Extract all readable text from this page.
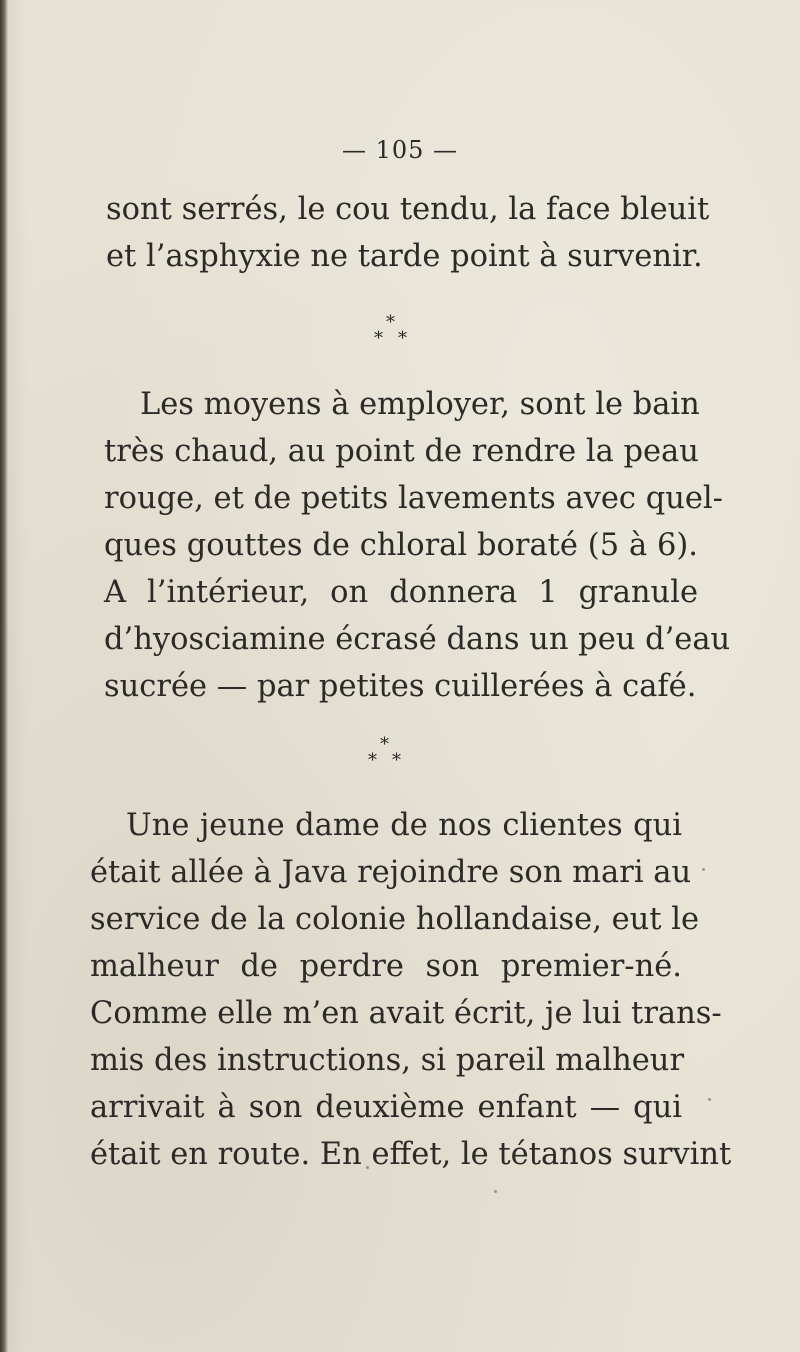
— 105 —
sont serrés, le cou tendu, la face bleuit
et l’asphyxie ne tarde point à survenir.
*
* *
Les moyens à employer, sont le bain
très chaud, au point de rendre la peau
rouge, et de petits lavements avec quel-
ques gouttes de chloral boraté (5 à 6).
A l’intérieur, on donnera 1 granule
d’hyosciamine écrasé dans un peu d’eau
sucrée — par petites cuillerées à café.
*
* *
Une jeune dame de nos clientes qui
était allée à Java rejoindre son mari au
service de la colonie hollandaise, eut le
malheur de perdre son premier-né.
Comme elle m’en avait écrit, je lui trans-
mis des instructions, si pareil malheur
arrivait à son deuxième enfant — qui
était en route. En effet, le tétanos survint
